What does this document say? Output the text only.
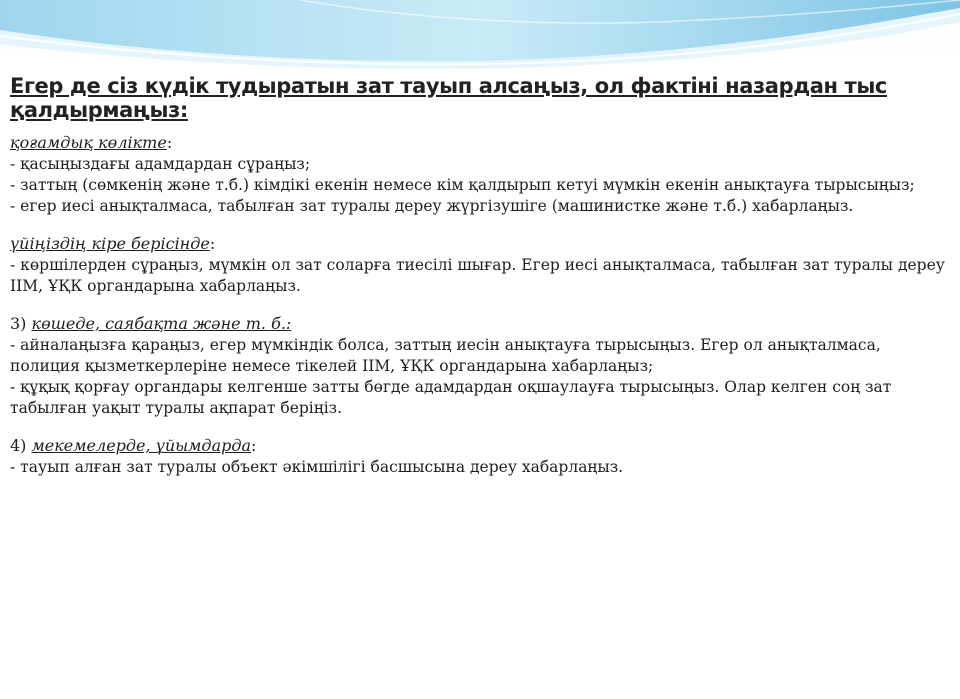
Егер де сіз күдік тудыратын зат тауып алсаңыз, ол фактіні назардан тыс қалдырмаңыз:

қоғамдық көлікте:

- қасыңыздағы адамдардан сұраңыз;

- заттың (сөмкенің және т.б.) кімдікі екенін немесе кім қалдырып кетуі мүмкін екенін анықтауға тырысыңыз;

- егер иесі анықталмаса, табылған зат туралы дереу жүргізушіге (машинистке және т.б.) хабарлаңыз.

үйіңіздің кіре берісінде:

- көршілерден сұраңыз, мүмкін ол зат соларға тиесілі шығар. Егер иесі анықталмаса, табылған зат туралы дереу ІІМ, ҰҚК органдарына хабарлаңыз.

3) көшеде, саябақта және т. б.:

- айналаңызға қараңыз, егер мүмкіндік болса, заттың иесін анықтауға тырысыңыз. Егер ол анықталмаса, полиция қызметкерлеріне немесе тікелей ІІМ, ҰҚК органдарына хабарлаңыз;

- құқық қорғау органдары келгенше затты бөгде адамдардан оқшаулауға тырысыңыз. Олар келген соң зат табылған уақыт туралы ақпарат беріңіз.

4) мекемелерде, ұйымдарда:

- тауып алған зат туралы объект әкімшілігі басшысына дереу хабарлаңыз.
